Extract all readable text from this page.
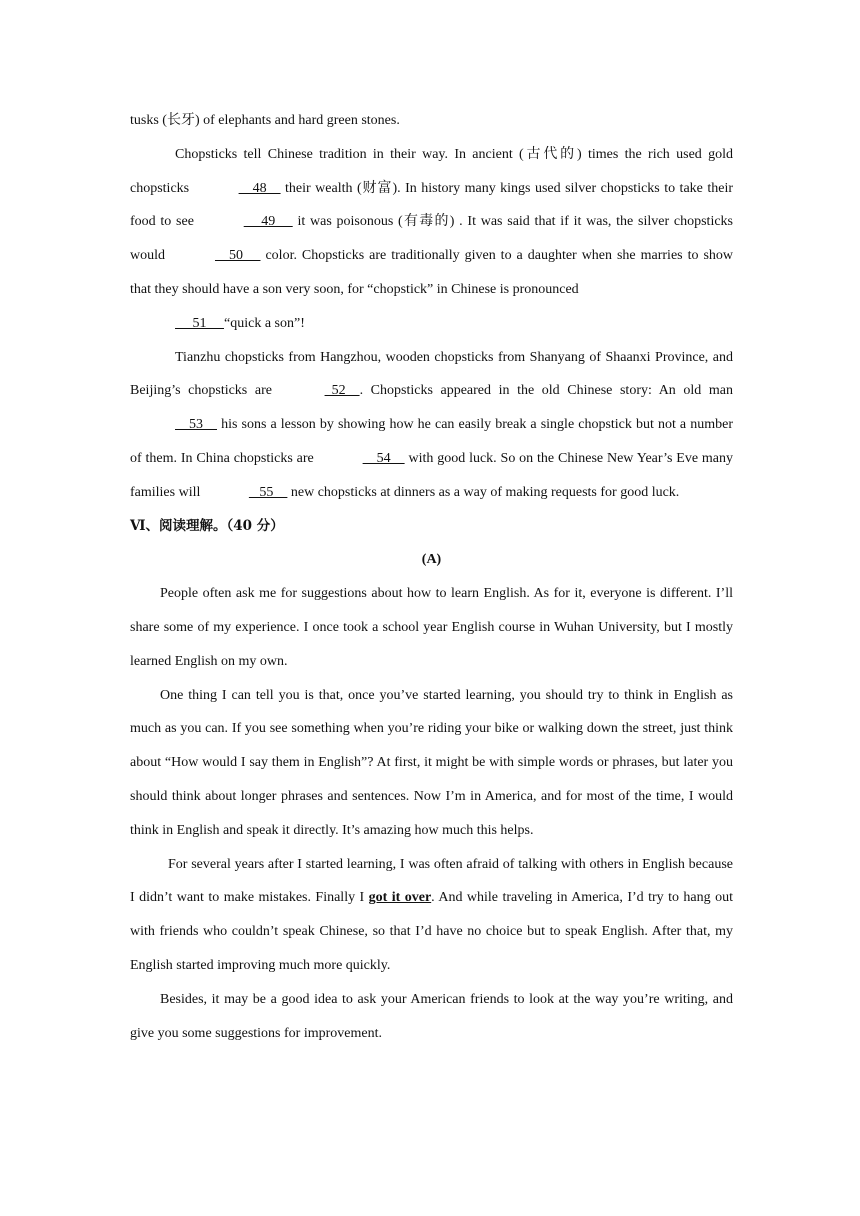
tusks (长牙) of elephants and hard green stones.

Chopsticks tell Chinese tradition in their way. In ancient (古代的) times the rich used gold chopsticks	48     their wealth (财富). In history many kings used silver chopsticks to take their food to see	49      it was poisonous (有毒的) . It was said that if it was, the silver chopsticks would	50      color. Chopsticks are traditionally given to a daughter when she marries to show that they should have a son very soon, for “chopstick” in Chinese is pronounced
51     “quick a son”!

Tianzhu chopsticks from Hangzhou, wooden chopsticks from Shanyang of Shaanxi Province, and Beijing’s chopsticks are	52    . Chopsticks appeared in the old Chinese story: An old man     53     his sons a lesson by showing how he can easily break a single chopstick but not a number of them. In China chopsticks are	54     with good luck. So on the Chinese New Year’s Eve many families will	55     new chopsticks at dinners as a way of making requests for good luck.

Ⅵ、阅读理解。（40 分）

(A)

People often ask me for suggestions about how to learn English. As for it, everyone is different. I’ll share some of my experience. I once took a school year English course in Wuhan University, but I mostly learned English on my own.

One thing I can tell you is that, once you’ve started learning, you should try to think in English as much as you can. If you see something when you’re riding your bike or walking down the street, just think about “How would I say them in English”? At first, it might be with simple words or phrases, but later you should think about longer phrases and sentences. Now I’m in America, and for most of the time, I would think in English and speak it directly. It’s amazing how much this helps.

For several years after I started learning, I was often afraid of talking with others in English because I didn’t want to make mistakes. Finally I got it over. And while traveling in America, I’d try to hang out with friends who couldn’t speak Chinese, so that I’d have no choice but to speak English. After that, my English started improving much more quickly.

Besides, it may be a good idea to ask your American friends to look at the way you’re writing, and give you some suggestions for improvement.
